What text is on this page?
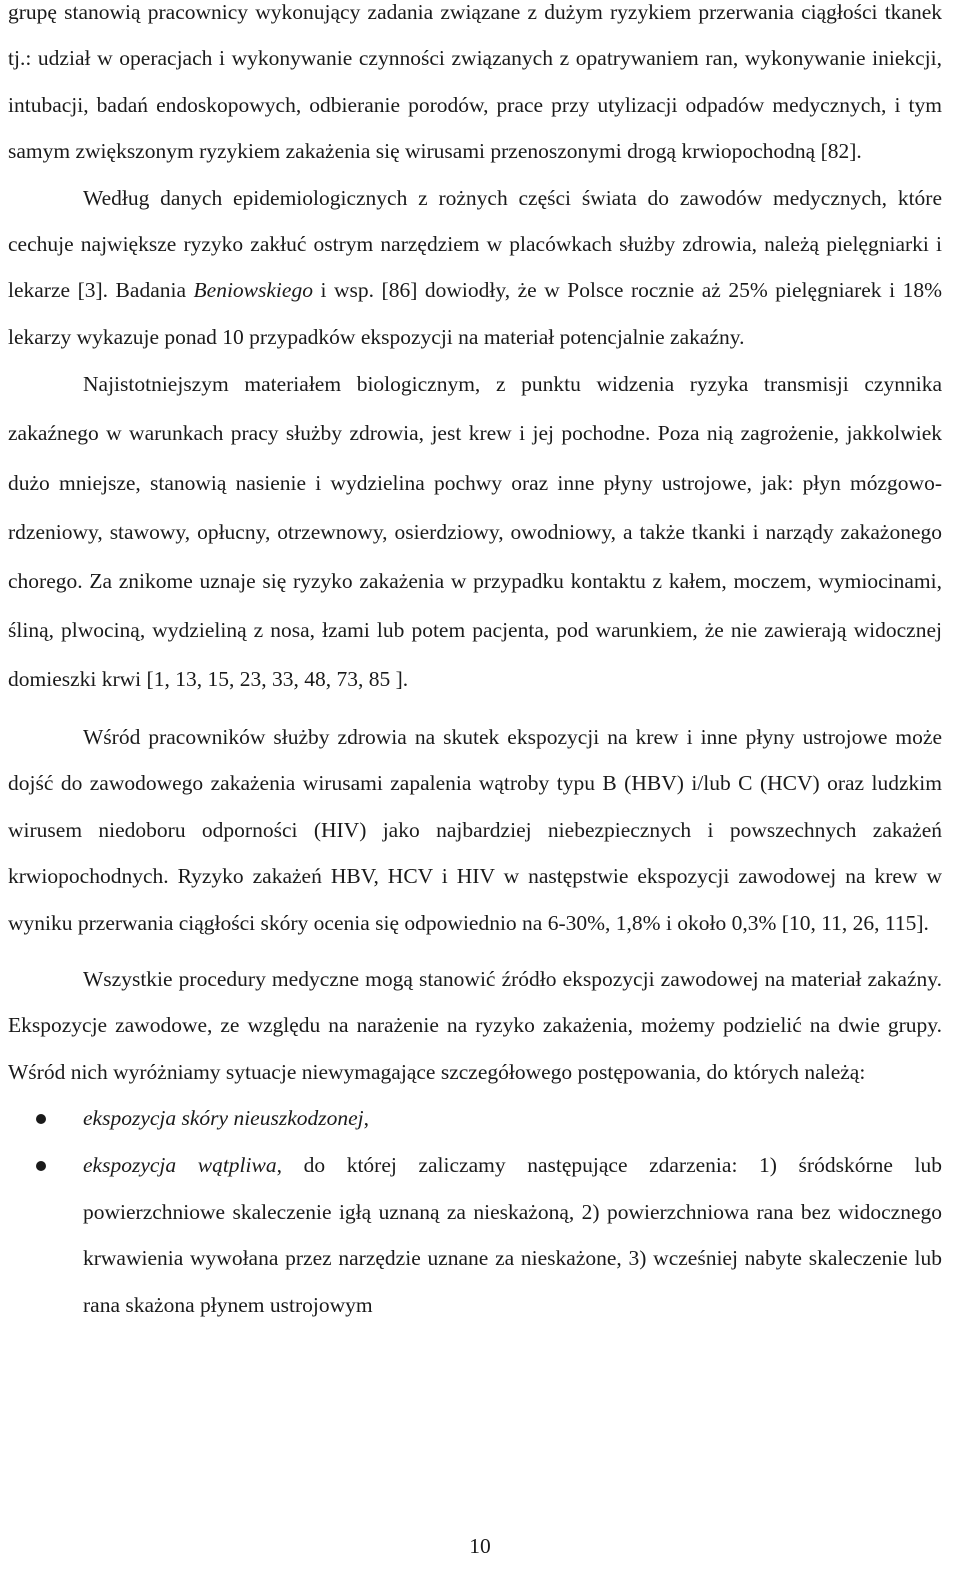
grupę stanowią pracownicy wykonujący zadania związane z dużym ryzykiem przerwania ciągłości tkanek tj.: udział w operacjach i wykonywanie czynności związanych z opatrywaniem ran, wykonywanie iniekcji, intubacji, badań endoskopowych, odbieranie porodów, prace przy utylizacji odpadów medycznych, i tym samym zwiększonym ryzykiem zakażenia się wirusami przenoszonymi drogą krwiopochodną [82].

Według danych epidemiologicznych z rożnych części świata do zawodów medycznych, które cechuje największe ryzyko zakłuć ostrym narzędziem w placówkach służby zdrowia, należą pielęgniarki i lekarze [3]. Badania Beniowskiego i wsp. [86] dowiodły, że w Polsce rocznie aż 25% pielęgniarek i 18% lekarzy wykazuje ponad 10 przypadków ekspozycji na materiał potencjalnie zakaźny.

Najistotniejszym materiałem biologicznym, z punktu widzenia ryzyka transmisji czynnika zakaźnego w warunkach pracy służby zdrowia, jest krew i jej pochodne. Poza nią zagrożenie, jakkolwiek dużo mniejsze, stanowią nasienie i wydzielina pochwy oraz inne płyny ustrojowe, jak: płyn mózgowo-rdzeniowy, stawowy, opłucny, otrzewnowy, osierdziowy, owodniowy, a także tkanki i narządy zakażonego chorego. Za znikome uznaje się ryzyko zakażenia w przypadku kontaktu z kałem, moczem, wymiocinami, śliną, plwociną, wydzieliną z nosa, łzami lub potem pacjenta, pod warunkiem, że nie zawierają widocznej domieszki krwi [1, 13, 15, 23, 33, 48, 73, 85 ].

Wśród pracowników służby zdrowia na skutek ekspozycji na krew i inne płyny ustrojowe może dojść do zawodowego zakażenia wirusami zapalenia wątroby typu B (HBV) i/lub C (HCV) oraz ludzkim wirusem niedoboru odporności (HIV) jako najbardziej niebezpiecznych i powszechnych zakażeń krwiopochodnych. Ryzyko zakażeń HBV, HCV i HIV w następstwie ekspozycji zawodowej na krew w wyniku przerwania ciągłości skóry ocenia się odpowiednio na 6-30%, 1,8% i około 0,3% [10, 11, 26, 115].

Wszystkie procedury medyczne mogą stanowić źródło ekspozycji zawodowej na materiał zakaźny. Ekspozycje zawodowe, ze względu na narażenie na ryzyko zakażenia, możemy podzielić na dwie grupy. Wśród nich wyróżniamy sytuacje niewymagające szczegółowego postępowania, do których należą:

ekspozycja skóry nieuszkodzonej,
ekspozycja wątpliwa, do której zaliczamy następujące zdarzenia: 1) śródskórne lub powierzchniowe skaleczenie igłą uznaną za nieskażoną, 2) powierzchniowa rana bez widocznego krwawienia wywołana przez narzędzie uznane za nieskażone, 3) wcześniej nabyte skaleczenie lub rana skażona płynem ustrojowym
10
